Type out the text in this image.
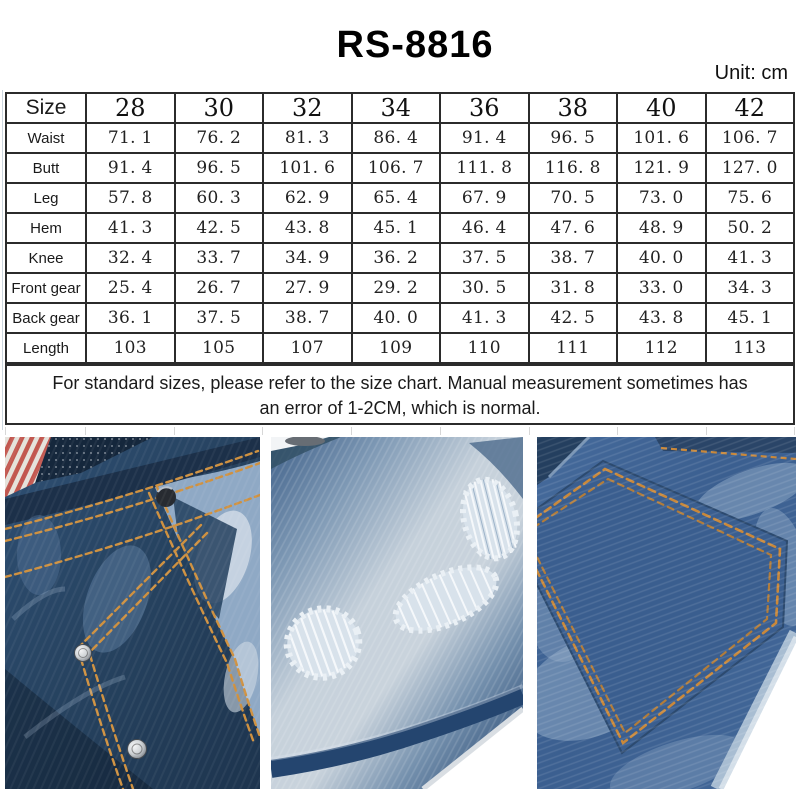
RS-8816
Unit: cm
Size	28	30	32	34	36	38	40	42
Waist	71. 1	76. 2	81. 3	86. 4	91. 4	96. 5	101. 6	106. 7
Butt	91. 4	96. 5	101. 6	106. 7	111. 8	116. 8	121. 9	127. 0
Leg	57. 8	60. 3	62. 9	65. 4	67. 9	70. 5	73. 0	75. 6
Hem	41. 3	42. 5	43. 8	45. 1	46. 4	47. 6	48. 9	50. 2
Knee	32. 4	33. 7	34. 9	36. 2	37. 5	38. 7	40. 0	41. 3
Front gear	25. 4	26. 7	27. 9	29. 2	30. 5	31. 8	33. 0	34. 3
Back gear	36. 1	37. 5	38. 7	40. 0	41. 3	42. 5	43. 8	45. 1
Length	103	105	107	109	110	111	112	113
For standard sizes, please refer to the size chart. Manual measurement sometimes has
an error of 1-2CM, which is normal.
